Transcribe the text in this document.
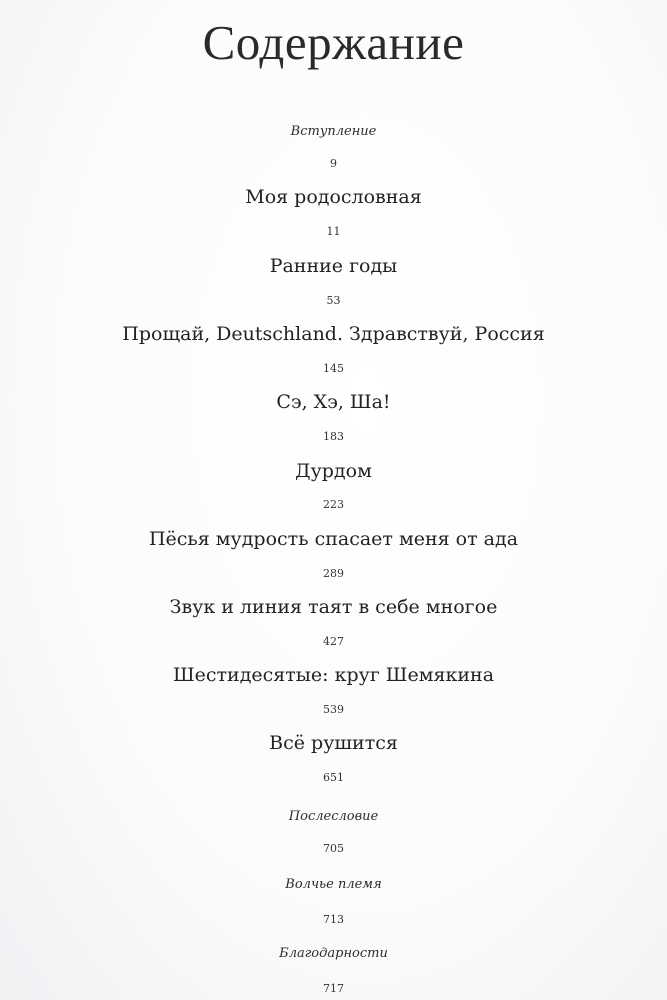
Содержание
Вступление
9
Моя родословная
11
Ранние годы
53
Прощай, Deutschland. Здравствуй, Россия
145
Сэ, Хэ, Ша!
183
Дурдом
223
Пёсья мудрость спасает меня от ада
289
Звук и линия таят в себе многое
427
Шестидесятые: круг Шемякина
539
Всё рушится
651
Послесловие
705
Волчье племя
713
Благодарности
717
